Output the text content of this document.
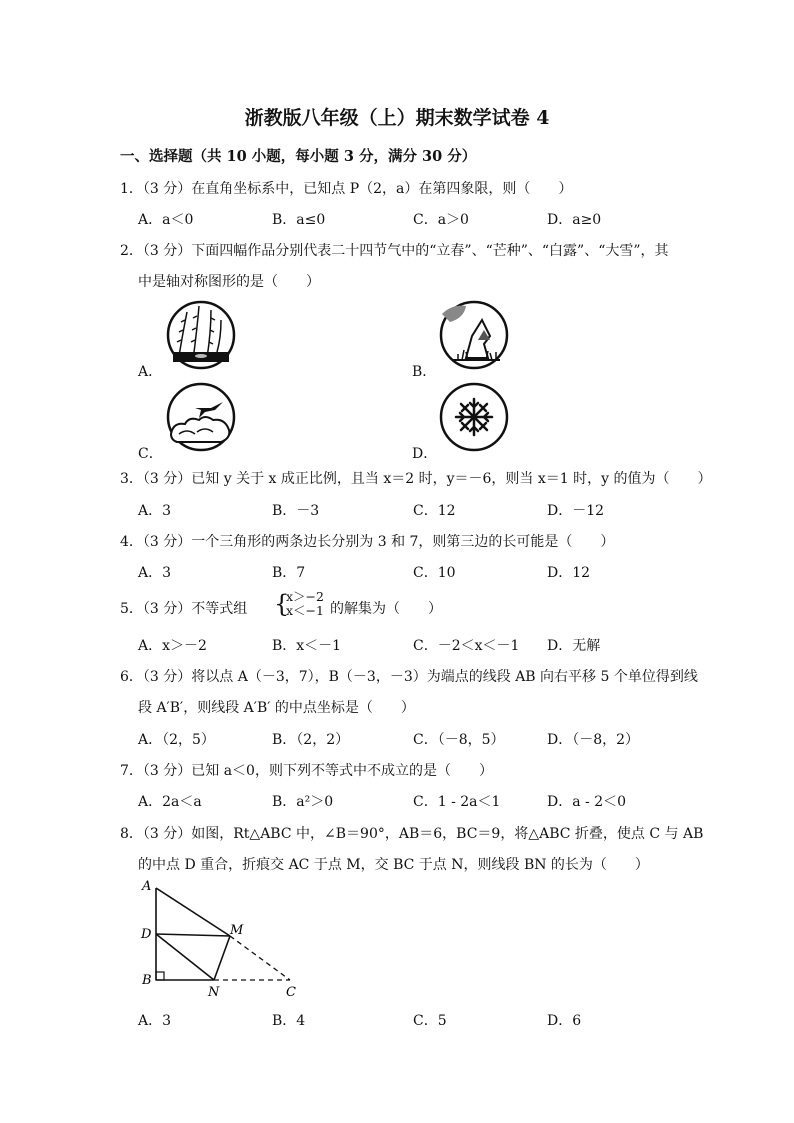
浙教版八年级（上）期末数学试卷 4
一、选择题（共 10 小题，每小题 3 分，满分 30 分）
1．（3 分）在直角坐标系中，已知点 P（2，a）在第四象限，则（　　）
A．a＜0	B．a≤0	C．a＞0	D．a≥0
2．（3 分）下面四幅作品分别代表二十四节气中的“立春”、“芒种”、“白露”、“大雪”，其
中是轴对称图形的是（　　）
A．	B．
C．	D．
3．（3 分）已知 y 关于 x 成正比例，且当 x＝2 时，y＝－6，则当 x＝1 时，y 的值为（　　）
A．3	B．－3	C．12	D．－12
4．（3 分）一个三角形的两条边长分别为 3 和 7，则第三边的长可能是（　　）
A．3	B．7	C．10	D．12
5．（3 分）不等式组 {
x＞−2
x＜−1 的解集为（　　）
A．x＞－2	B．x＜－1	C．－2＜x＜－1 D．无解
6．（3 分）将以点 A（－3，7），B（－3，－3）为端点的线段 AB 向右平移 5 个单位得到线
段 A′B′，则线段 A′B′ 的中点坐标是（　　）
A．（2，5）	B．（2，2）	C．（－8，5）	D．（－8，2）
7．（3 分）已知 a＜0，则下列不等式中不成立的是（　　）
A．2a＜a	B．a²＞0	C．1 - 2a＜1	D．a - 2＜0
8．（3 分）如图，Rt△ABC 中，∠B＝90°，AB＝6，BC＝9，将△ABC 折叠，使点 C 与 AB
的中点 D 重合，折痕交 AC 于点 M，交 BC 于点 N，则线段 BN 的长为（　　）
A
D	M
B
N	C
A．3	B．4	C．5	D．6
